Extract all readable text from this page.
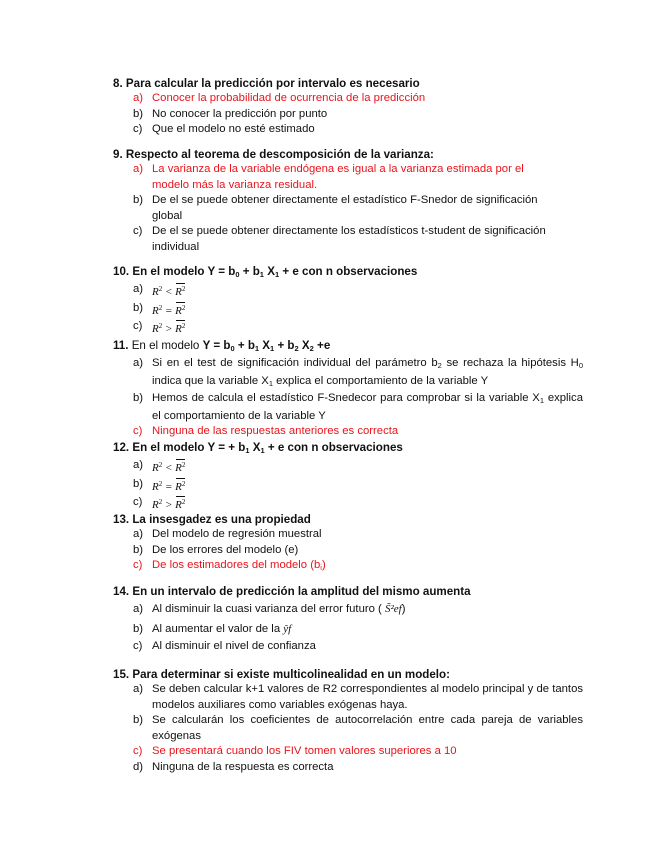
8. Para calcular la predicción por intervalo es necesario
a) Conocer la probabilidad de ocurrencia de la predicción
b) No conocer la predicción por punto
c) Que el modelo no esté estimado
9. Respecto al teorema de descomposición de la varianza:
a) La varianza de la variable endógena es igual a la varianza estimada por el modelo más la varianza residual.
b) De el se puede obtener directamente el estadístico F-Snedor de significación global
c) De el se puede obtener directamente los estadísticos t-student de significación individual
10. En el modelo $Y = b_0 + b_1$ $X_1 + e$ con n observaciones
a) $R^2 < R^2$
b) $R^2 = R^2$
c) $R^2 > R^2$
11. En el modelo $Y = b_0 + b_1$ $X_1 + b_2$ $X_2 +e$
a) Si en el test de significación individual del parámetro $b_2$ se rechaza la hipótesis $H_0$ indica que la variable $X_1$ explica el comportamiento de la variable Y
b) Hemos de calcula el estadístico F-Snedecor para comprobar si la variable $X_1$ explica el comportamiento de la variable Y
c) Ninguna de las respuestas anteriores es correcta
12. En el modelo Y = + $b_1$ $X_1 + e$ con n observaciones
a) $R^2 < R^2$
b) $R^2 = R^2$
c) $R^2 > R^2$
13. La insesgadez es una propiedad
a) Del modelo de regresión muestral
b) De los errores del modelo (e)
c) De los estimadores del modelo $(b_i)$
14. En un intervalo de predicción la amplitud del mismo aumenta
a) Al disminuir la cuasi varianza del error futuro ( S̃²ef)
b) Al aumentar el valor de la ŷf
c) Al disminuir el nivel de confianza
15. Para determinar si existe multicolinealidad en un modelo:
a) Se deben calcular k+1 valores de R2 correspondientes al modelo principal y de tantos modelos auxiliares como variables exógenas haya.
b) Se calcularán los coeficientes de autocorrelación entre cada pareja de variables exógenas
c) Se presentará cuando los FIV tomen valores superiores a 10
d) Ninguna de la respuesta es correcta
